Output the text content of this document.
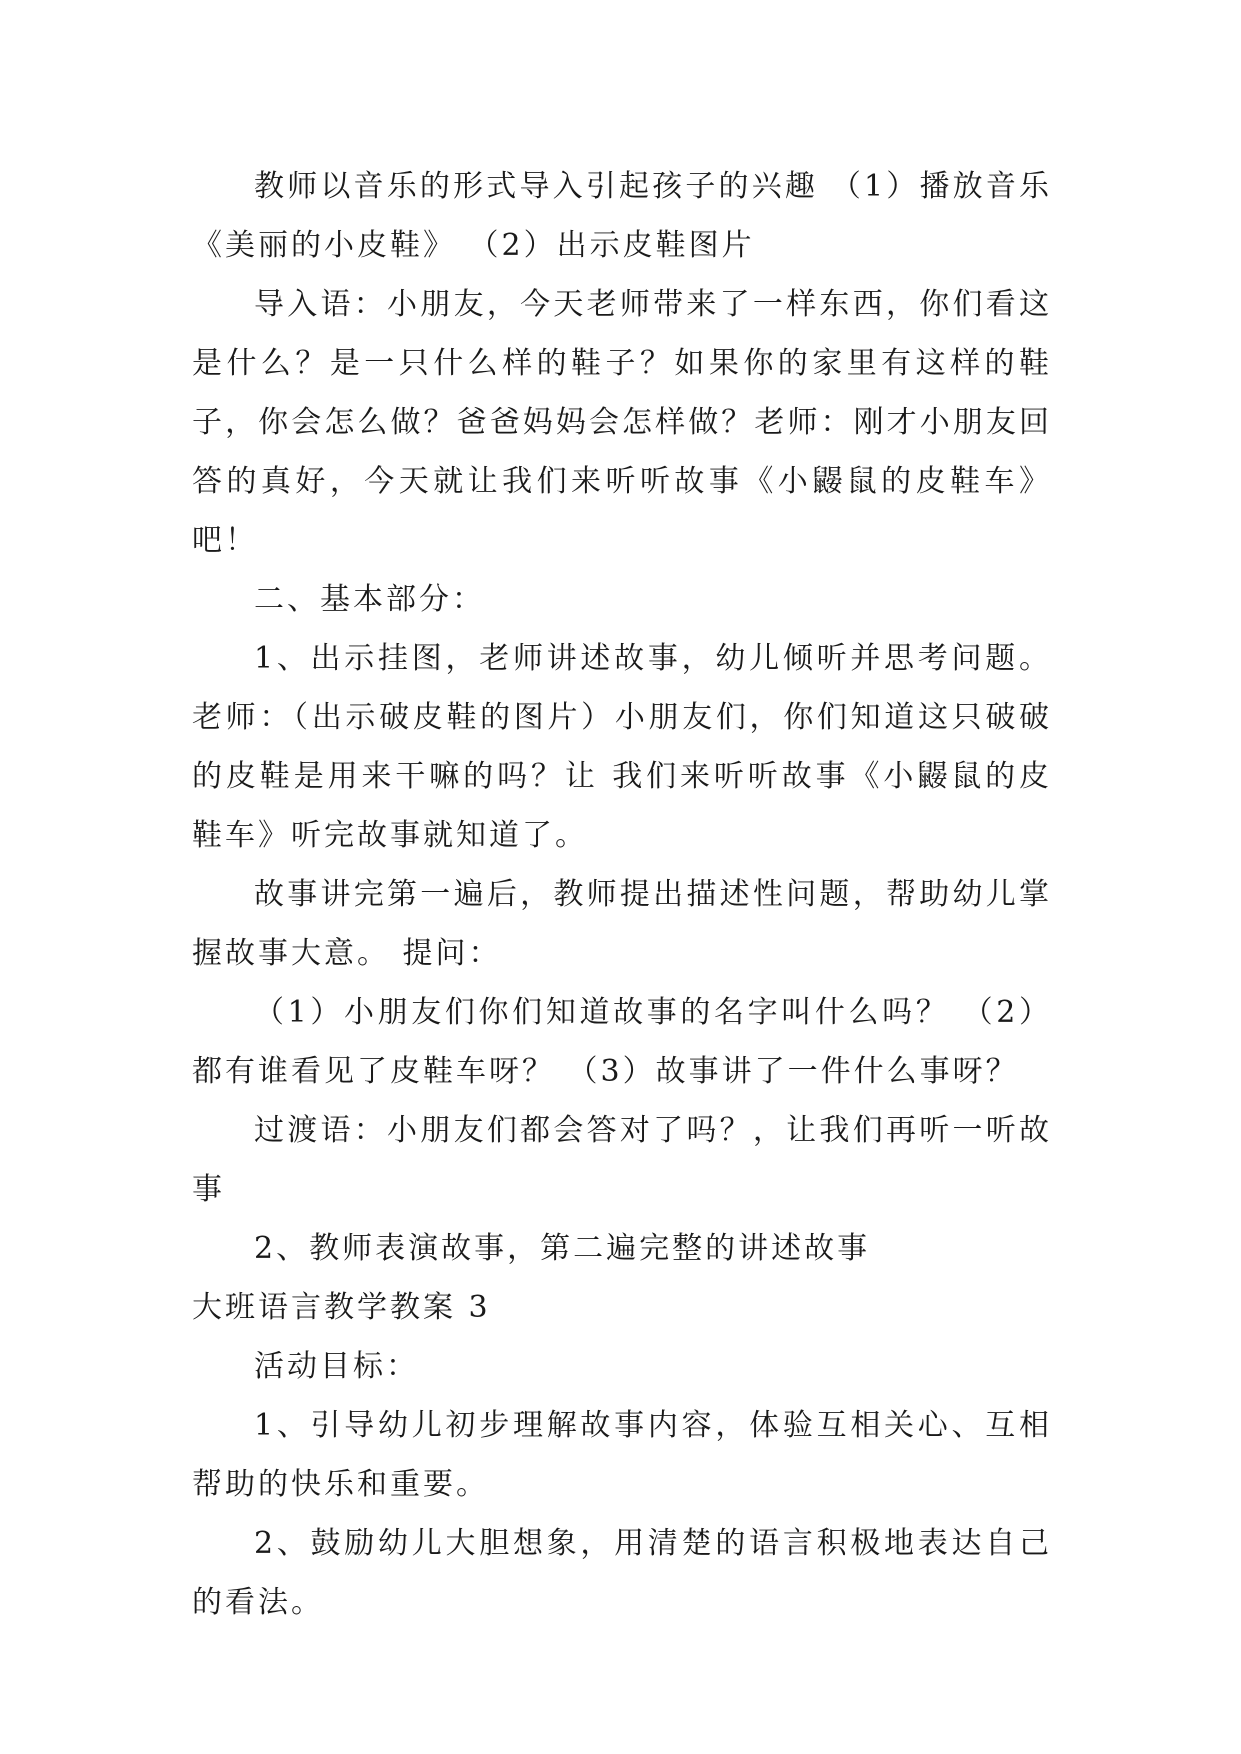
教师以音乐的形式导入引起孩子的兴趣 （1）播放音乐《美丽的小皮鞋》 （2）出示皮鞋图片

导入语：小朋友，今天老师带来了一样东西，你们看这是什么？是一只什么样的鞋子？如果你的家里有这样的鞋子，你会怎么做？爸爸妈妈会怎样做？老师：刚才小朋友回答的真好，今天就让我们来听听故事《小鼹鼠的皮鞋车》吧！

二、基本部分：

1、出示挂图，老师讲述故事，幼儿倾听并思考问题。老师：（出示破皮鞋的图片）小朋友们，你们知道这只破破的皮鞋是用来干嘛的吗？让 我们来听听故事《小鼹鼠的皮鞋车》听完故事就知道了。

故事讲完第一遍后，教师提出描述性问题，帮助幼儿掌握故事大意。 提问：

（1）小朋友们你们知道故事的名字叫什么吗？ （2）都有谁看见了皮鞋车呀？ （3）故事讲了一件什么事呀？

过渡语：小朋友们都会答对了吗？，让我们再听一听故事

2、教师表演故事，第二遍完整的讲述故事

大班语言教学教案 3

活动目标：

1、引导幼儿初步理解故事内容，体验互相关心、互相帮助的快乐和重要。

2、鼓励幼儿大胆想象，用清楚的语言积极地表达自己的看法。
